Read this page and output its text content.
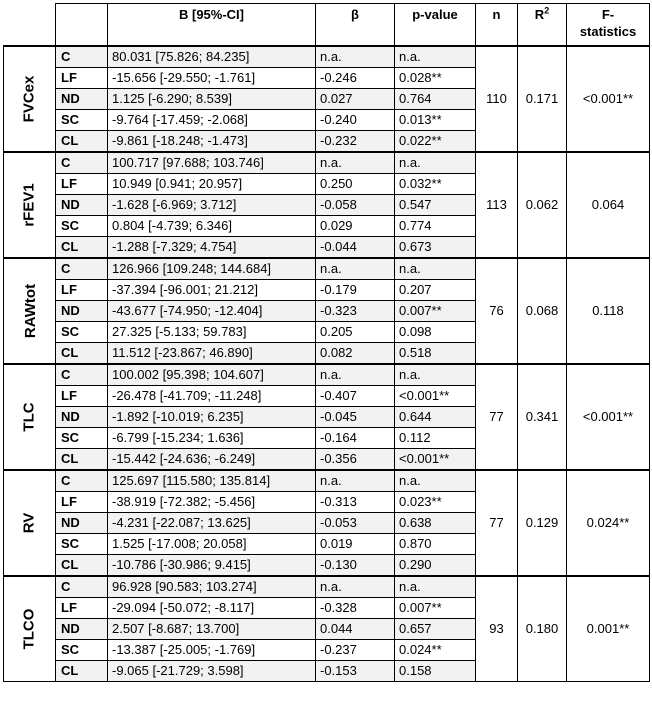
		B [95%-CI]	β	p-value	n	$R^2$	F-
statistics
FVCex	C	80.031 [75.826; 84.235]	n.a.	n.a.	110	0.171	<0.001**
	LF	-15.656 [-29.550; -1.761]	-0.246	0.028**			
	ND	1.125 [-6.290; 8.539]	0.027	0.764			
	SC	-9.764 [-17.459; -2.068]	-0.240	0.013**			
	CL	-9.861 [-18.248; -1.473]	-0.232	0.022**			
rFEV1	C	100.717 [97.688; 103.746]	n.a.	n.a.	113	0.062	0.064
	LF	10.949 [0.941; 20.957]	0.250	0.032**			
	ND	-1.628 [-6.969; 3.712]	-0.058	0.547			
	SC	0.804 [-4.739; 6.346]	0.029	0.774			
	CL	-1.288 [-7.329; 4.754]	-0.044	0.673			
RAWtot	C	126.966 [109.248; 144.684]	n.a.	n.a.	76	0.068	0.118
	LF	-37.394 [-96.001; 21.212]	-0.179	0.207			
	ND	-43.677 [-74.950; -12.404]	-0.323	0.007**			
	SC	27.325 [-5.133; 59.783]	0.205	0.098			
	CL	11.512 [-23.867; 46.890]	0.082	0.518			
TLC	C	100.002 [95.398; 104.607]	n.a.	n.a.	77	0.341	<0.001**
	LF	-26.478 [-41.709; -11.248]	-0.407	<0.001**			
	ND	-1.892 [-10.019; 6.235]	-0.045	0.644			
	SC	-6.799 [-15.234; 1.636]	-0.164	0.112			
	CL	-15.442 [-24.636; -6.249]	-0.356	<0.001**			
RV	C	125.697 [115.580; 135.814]	n.a.	n.a.	77	0.129	0.024**
	LF	-38.919 [-72.382; -5.456]	-0.313	0.023**			
	ND	-4.231 [-22.087; 13.625]	-0.053	0.638			
	SC	1.525 [-17.008; 20.058]	0.019	0.870			
	CL	-10.786 [-30.986; 9.415]	-0.130	0.290			
TLCO	C	96.928 [90.583; 103.274]	n.a.	n.a.	93	0.180	0.001**
	LF	-29.094 [-50.072; -8.117]	-0.328	0.007**			
	ND	2.507 [-8.687; 13.700]	0.044	0.657			
	SC	-13.387 [-25.005; -1.769]	-0.237	0.024**			
	CL	-9.065 [-21.729; 3.598]	-0.153	0.158			
